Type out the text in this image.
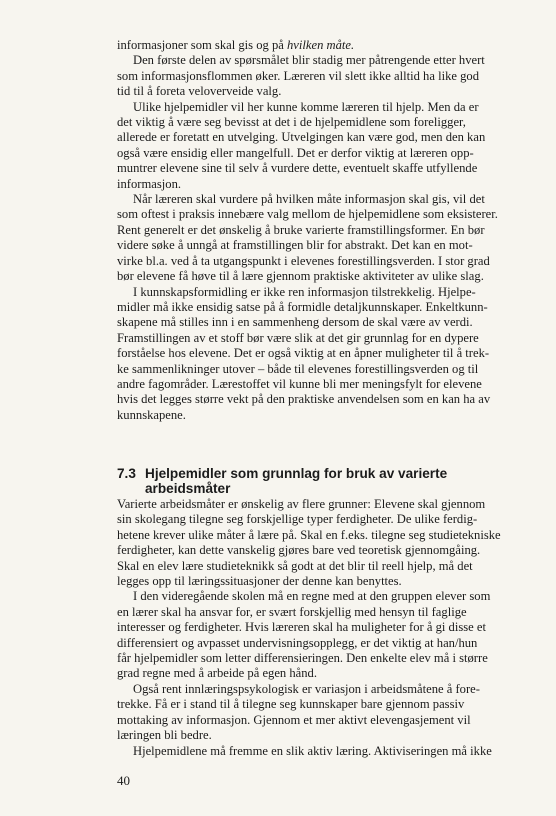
informasjoner som skal gis og på hvilken måte.
Den første delen av spørsmålet blir stadig mer påtrengende etter hvert
som informasjonsflommen øker. Læreren vil slett ikke alltid ha like god
tid til å foreta veloverveide valg.
Ulike hjelpemidler vil her kunne komme læreren til hjelp. Men da er
det viktig å være seg bevisst at det i de hjelpemidlene som foreligger,
allerede er foretatt en utvelging. Utvelgingen kan være god, men den kan
også være ensidig eller mangelfull. Det er derfor viktig at læreren opp-
muntrer elevene sine til selv å vurdere dette, eventuelt skaffe utfyllende
informasjon.
Når læreren skal vurdere på hvilken måte informasjon skal gis, vil det
som oftest i praksis innebære valg mellom de hjelpemidlene som eksisterer.
Rent generelt er det ønskelig å bruke varierte framstillingsformer. En bør
videre søke å unngå at framstillingen blir for abstrakt. Det kan en mot-
virke bl.a. ved å ta utgangspunkt i elevenes forestillingsverden. I stor grad
bør elevene få høve til å lære gjennom praktiske aktiviteter av ulike slag.
I kunnskapsformidling er ikke ren informasjon tilstrekkelig. Hjelpe-
midler må ikke ensidig satse på å formidle detaljkunnskaper. Enkeltkunn-
skapene må stilles inn i en sammenheng dersom de skal være av verdi.
Framstillingen av et stoff bør være slik at det gir grunnlag for en dypere
forståelse hos elevene. Det er også viktig at en åpner muligheter til å trek-
ke sammenlikninger utover – både til elevenes forestillingsverden og til
andre fagområder. Lærestoffet vil kunne bli mer meningsfylt for elevene
hvis det legges større vekt på den praktiske anvendelsen som en kan ha av
kunnskapene.
7.3 Hjelpemidler som grunnlag for bruk av varierte
arbeidsmåter
Varierte arbeidsmåter er ønskelig av flere grunner: Elevene skal gjennom
sin skolegang tilegne seg forskjellige typer ferdigheter. De ulike ferdig-
hetene krever ulike måter å lære på. Skal en f.eks. tilegne seg studietekniske
ferdigheter, kan dette vanskelig gjøres bare ved teoretisk gjennomgåing.
Skal en elev lære studieteknikk så godt at det blir til reell hjelp, må det
legges opp til læringssituasjoner der denne kan benyttes.
I den videregående skolen må en regne med at den gruppen elever som
en lærer skal ha ansvar for, er svært forskjellig med hensyn til faglige
interesser og ferdigheter. Hvis læreren skal ha muligheter for å gi disse et
differensiert og avpasset undervisningsopplegg, er det viktig at han/hun
får hjelpemidler som letter differensieringen. Den enkelte elev må i større
grad regne med å arbeide på egen hånd.
Også rent innlæringspsykologisk er variasjon i arbeidsmåtene å fore-
trekke. Få er i stand til å tilegne seg kunnskaper bare gjennom passiv
mottaking av informasjon. Gjennom et mer aktivt elevengasjement vil
læringen bli bedre.
Hjelpemidlene må fremme en slik aktiv læring. Aktiviseringen må ikke
40
